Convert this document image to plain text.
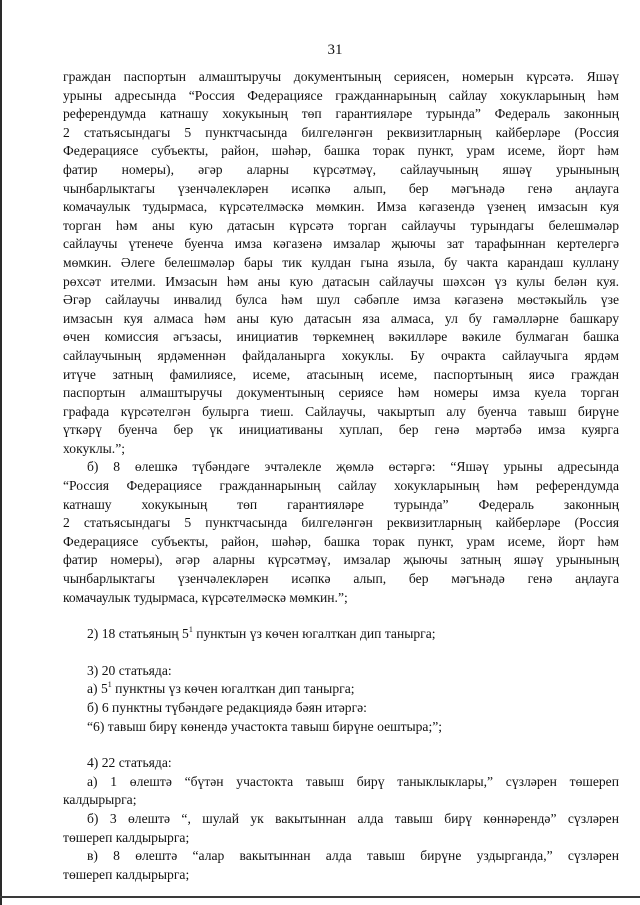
31
граждан паспортын алмаштыручы документының сериясен, номерын күрсәтә. Яшәү
урыны адресында “Россия Федерациясе гражданнарының сайлау хокукларының һәм
референдумда катнашу хокукының төп гарантияләре турында” Федераль законның
2 статьясындагы 5 пунктчасында билгеләнгән реквизитларның кайберләре (Россия
Федерациясе субъекты, район, шәһәр, башка торак пункт, урам исеме, йорт һәм
фатир номеры), әгәр аларны күрсәтмәү, сайлаучының яшәү урынының
чынбарлыктагы үзенчәлекләрен исәпкә алып, бер мәгънәдә генә аңлауга
комачаулык тудырмаса, күрсәтелмәскә мөмкин. Имза кәгазендә үзенең имзасын куя
торган һәм аны кую датасын күрсәтә торган сайлаучы турындагы белешмәләр
сайлаучы үтенече буенча имза кәгазенә имзалар җыючы зат тарафыннан кертелергә
мөмкин. Әлеге белешмәләр бары тик кулдан гына языла, бу чакта карандаш куллану
рөхсәт ителми. Имзасын һәм аны кую датасын сайлаучы шәхсән үз кулы белән куя.
Әгәр сайлаучы инвалид булса һәм шул сәбәпле имза кәгазенә мөстәкыйль үзе
имзасын куя алмаса һәм аны кую датасын яза алмаса, ул бу гамәлләрне башкару
өчен комиссия әгъзасы, инициатив төркемнең вәкилләре вәкиле булмаган башка
сайлаучының ярдәменнән файдаланырга хокуклы. Бу очракта сайлаучыга ярдәм
итүче затның фамилиясе, исеме, атасының исеме, паспортының яисә граждан
паспортын алмаштыручы документының сериясе һәм номеры имза куела торган
графада күрсәтелгән булырга тиеш. Сайлаучы, чакыртып алу буенча тавыш бирүне
үткәрү буенча бер үк инициативаны хуплап, бер генә мәртәбә имза куярга
хокуклы.”;
б) 8 өлешкә түбәндәге эчтәлекле җөмлә өстәргә: “Яшәү урыны адресында
“Россия Федерациясе гражданнарының сайлау хокукларының һәм референдумда
катнашу хокукының төп гарантияләре турында” Федераль законның
2 статьясындагы 5 пунктчасында билгеләнгән реквизитларның кайберләре (Россия
Федерациясе субъекты, район, шәһәр, башка торак пункт, урам исеме, йорт һәм
фатир номеры), әгәр аларны күрсәтмәү, имзалар җыючы затның яшәү урынының
чынбарлыктагы үзенчәлекләрен исәпкә алып, бер мәгънәдә генә аңлауга
комачаулык тудырмаса, күрсәтелмәскә мөмкин.”;

2) 18 статьяның $5^1$ пунктын үз көчен югалткан дип танырга;

3) 20 статьяда:

а) $5^1$ пунктны үз көчен югалткан дип танырга;

б) 6 пунктны түбәндәге редакциядә бәян итәргә:

“6) тавыш бирү көнендә участокта тавыш бирүне оештыра;”;

4) 22 статьяда:

а) 1 өлештә “бүтән участокта тавыш бирү таныклыклары,” сүзләрен төшереп
калдырырга;
б) 3 өлештә “, шулай ук вакытыннан алда тавыш бирү көннәрендә” сүзләрен
төшереп калдырырга;
в) 8 өлештә “алар вакытыннан алда тавыш бирүне уздырганда,” сүзләрен
төшереп калдырырга;
